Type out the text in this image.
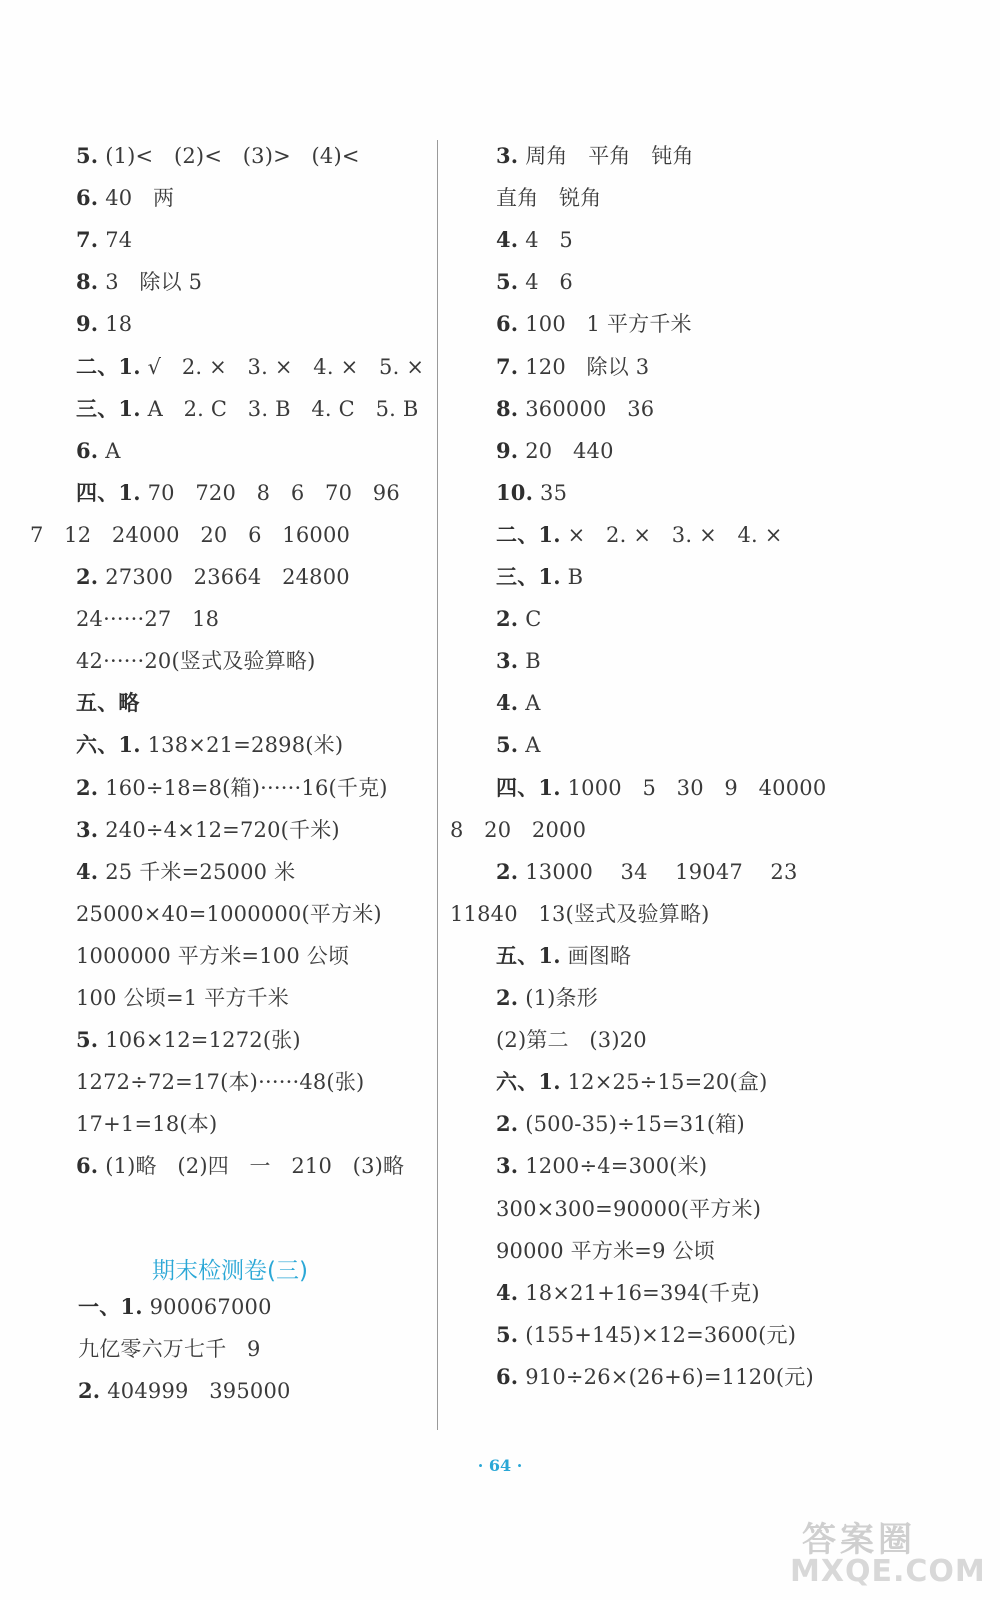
5. (1)<   (2)<   (3)>   (4)<
6. 40   两
7. 74
8. 3   除以 5
9. 18
二、1. √   2. ×   3. ×   4. ×   5. ×
三、1. A   2. C   3. B   4. C   5. B
6. A
四、1. 70   720   8   6   70   96
7   12   24000   20   6   16000
2. 27300   23664   24800
24······27   18
42······20(竖式及验算略)
五、略
六、1. 138×21=2898(米)
2. 160÷18=8(箱)······16(千克)
3. 240÷4×12=720(千米)
4. 25 千米=25000 米
25000×40=1000000(平方米)
1000000 平方米=100 公顷
100 公顷=1 平方千米
5. 106×12=1272(张)
1272÷72=17(本)······48(张)
17+1=18(本)
6. (1)略   (2)四   一   210   (3)略
期末检测卷(三)
一、1. 900067000
九亿零六万七千   9
2. 404999   395000
3. 周角   平角   钝角
直角   锐角
4. 4   5
5. 4   6
6. 100   1 平方千米
7. 120   除以 3
8. 360000   36
9. 20   440
10. 35
二、1. ×   2. ×   3. ×   4. ×
三、1. B
2. C
3. B
4. A
5. A
四、1. 1000   5   30   9   40000
8   20   2000
2. 13000    34    19047    23
11840   13(竖式及验算略)
五、1. 画图略
2. (1)条形
(2)第二   (3)20
六、1. 12×25÷15=20(盒)
2. (500-35)÷15=31(箱)
3. 1200÷4=300(米)
300×300=90000(平方米)
90000 平方米=9 公顷
4. 18×21+16=394(千克)
5. (155+145)×12=3600(元)
6. 910÷26×(26+6)=1120(元)
· 64 ·
答案圈
MXQE.COM
